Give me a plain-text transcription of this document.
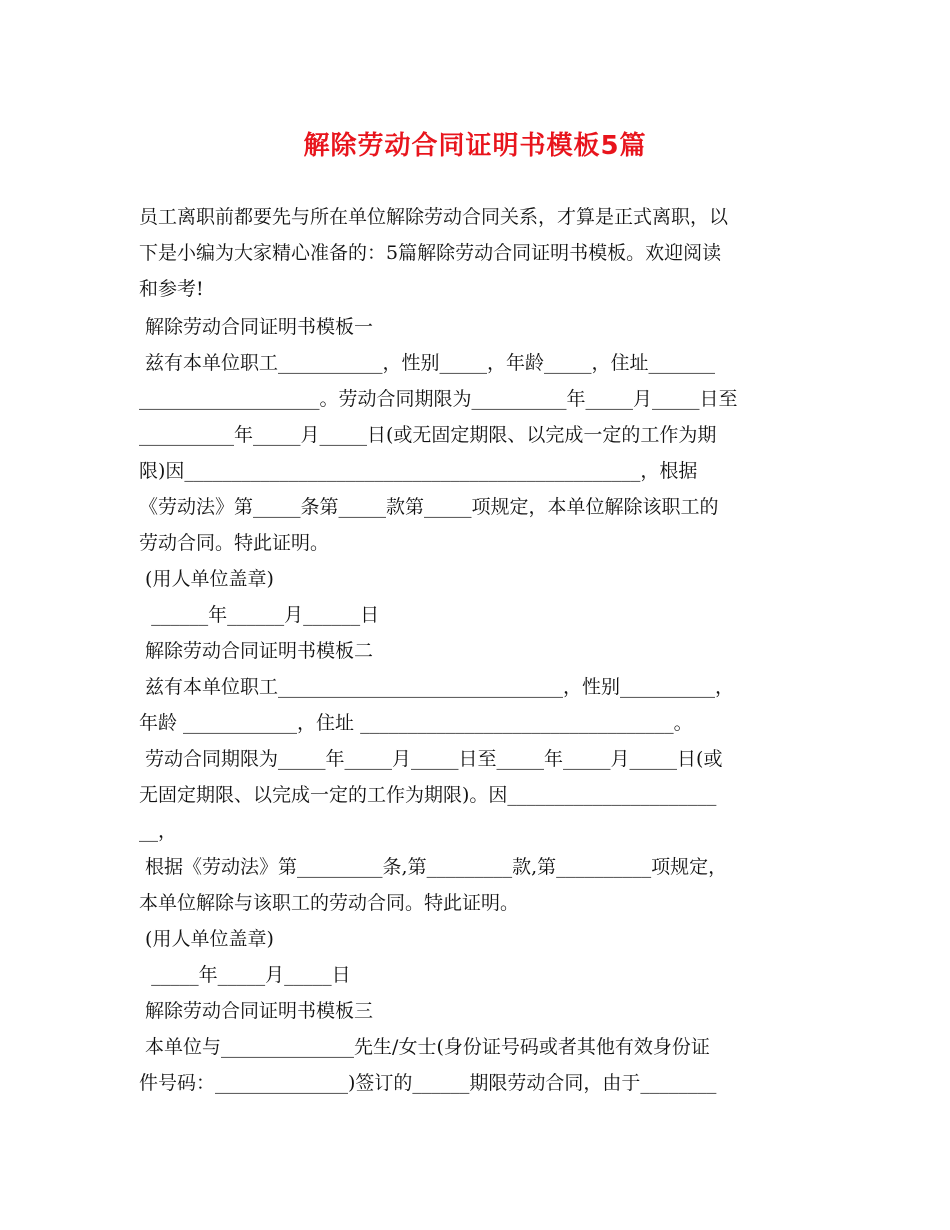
解除劳动合同证明书模板5篇
员工离职前都要先与所在单位解除劳动合同关系，才算是正式离职，以
下是小编为大家精心准备的：5篇解除劳动合同证明书模板。欢迎阅读
和参考!
解除劳动合同证明书模板一
兹有本单位职工___________，性别_____，年龄_____，住址_______
___________________。劳动合同期限为__________年_____月_____日至
__________年_____月_____日(或无固定期限、以完成一定的工作为期
限)因________________________________________________，根据
《劳动法》第_____条第_____款第_____项规定，本单位解除该职工的
劳动合同。特此证明。
(用人单位盖章)
______年______月______日
解除劳动合同证明书模板二
兹有本单位职工______________________________，性别__________，
年龄 ____________，住址 _________________________________。
劳动合同期限为_____年_____月_____日至_____年_____月_____日(或
无固定期限、以完成一定的工作为期限)。因______________________
__，
根据《劳动法》第_________条,第_________款,第__________项规定，
本单位解除与该职工的劳动合同。特此证明。
(用人单位盖章)
_____年_____月_____日
解除劳动合同证明书模板三
本单位与______________先生/女士(身份证号码或者其他有效身份证
件号码：______________)签订的______期限劳动合同，由于________
